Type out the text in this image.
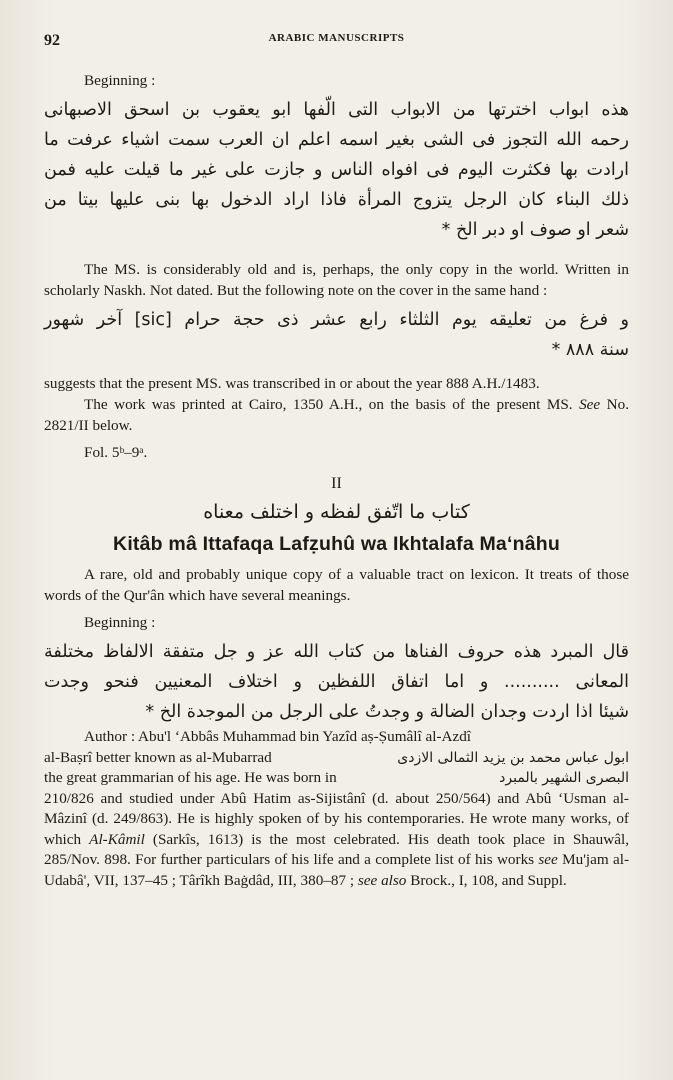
92	ARABIC MANUSCRIPTS

Beginning :

هذه ابواب اخترتها من الابواب التى الّفها ابو يعقوب بن اسحق الاصبهانى
رحمه الله التجوز فى الشى بغير اسمه اعلم ان العرب سمت اشياء عرفت ما
ارادت بها فكثرت اليوم فى افواه الناس و جازت على غير ما قيلت عليه فمن
ذلك البناء كان الرجل يتزوج المرأة فاذا اراد الدخول بها بنى عليها بيتا من
شعر او صوف او دبر الخ *

The MS. is considerably old and is, perhaps, the only copy in the world. Written in scholarly Naskh. Not dated. But the following note on the cover in the same hand :

و فرغ من تعليقه يوم الثلثاء رابع عشر ذى حجة حرام [sic] آخر شهور
سنة ۸۸۸ *

suggests that the present MS. was transcribed in or about the year 888 A.H./1483.

The work was printed at Cairo, 1350 A.H., on the basis of the present MS. See No. 2821/II below.

Fol. 5ᵇ–9ᵃ.

II
كتاب ما اتّفق لفظه و اختلف معناه
Kitâb mâ Ittafaqa Lafẓuhû wa Ikhtalafa Ma‘nâhu

A rare, old and probably unique copy of a valuable tract on lexicon. It treats of those words of the Qur'ân which have several meanings.

Beginning :

قال المبرد هذه حروف الفناها من كتاب الله عز و جل متفقة الالفاظ مختلفة
المعانى .......... و اما اتفاق اللفظين و اختلاف المعنيين فنحو وجدت
شيئا اذا اردت وجدان الضالة و وجدتُ على الرجل من الموجدة الخ *

Author : Abu'l ‘Abbâs Muhammad bin Yazîd aṣ-Ṣumâlî al-Azdî

al-Baṣrî better known as al-Mubarrad	ابول عباس محمد بن يزيد الثمالى الازدى
the great grammarian of his age. He was born in	البصرى الشهير بالمبرد

210/826 and studied under Abû Hatim as-Sijistânî (d. about 250/564) and Abû ‘Usman al-Mâzinî (d. 249/863). He is highly spoken of by his contemporaries. He wrote many works, of which Al-Kâmil (Sarkîs, 1613) is the most celebrated. His death took place in Shauwâl, 285/Nov. 898. For further particulars of his life and a complete list of his works see Mu'jam al-Udabâ', VII, 137–45 ; Târîkh Baġdâd, III, 380–87 ; see also Brock., I, 108, and Suppl.
